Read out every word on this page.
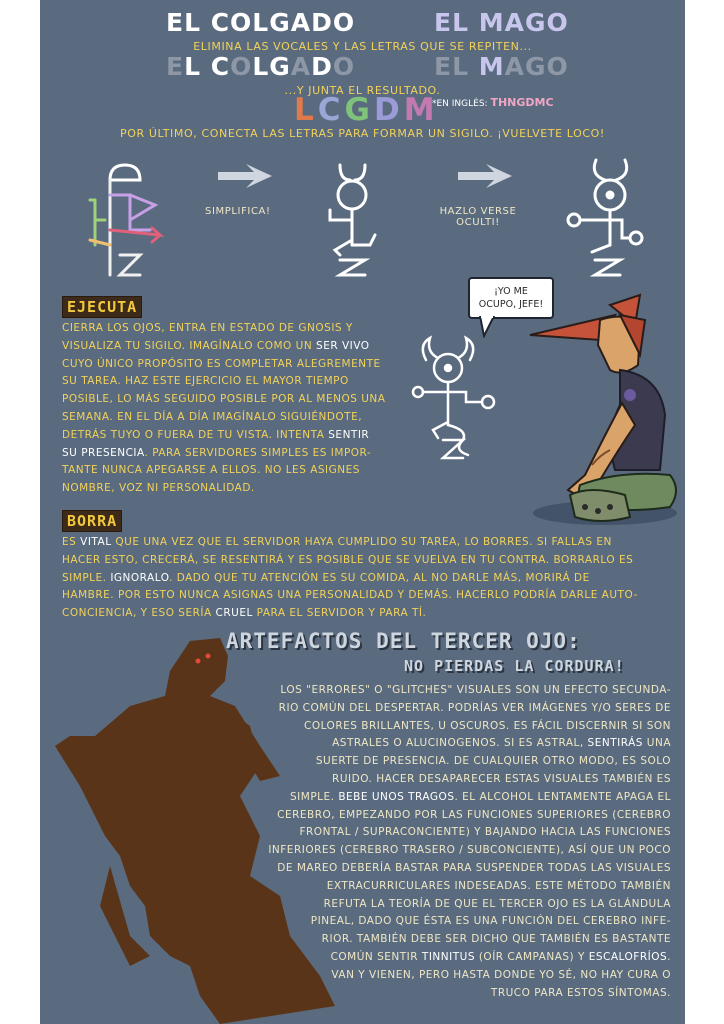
EL COLGADO	EL MAGO
ELIMINA LAS VOCALES Y LAS LETRAS QUE SE REPITEN...
EL COLGADO	EL MAGO
...Y JUNTA EL RESULTADO.
LCGDM
*EN INGLÉS: THNGDMC
POR ÚLTIMO, CONECTA LAS LETRAS PARA FORMAR UN SIGILO. ¡VUELVETE LOCO!
SIMPLIFICA!	HAZLO VERSE
OCULTI!
EJECUTA
CIERRA LOS OJOS, ENTRA EN ESTADO DE GNOSIS Y
VISUALIZA TU SIGILO. IMAGÍNALO COMO UN SER VIVO
CUYO ÚNICO PROPÓSITO ES COMPLETAR ALEGREMENTE
SU TAREA. HAZ ESTE EJERCICIO EL MAYOR TIEMPO
POSIBLE, LO MÁS SEGUIDO POSIBLE POR AL MENOS UNA
SEMANA. EN EL DÍA A DÍA IMAGÍNALO SIGUIÉNDOTE,
DETRÁS TUYO O FUERA DE TU VISTA. INTENTA SENTIR
SU PRESENCIA. PARA SERVIDORES SIMPLES ES IMPOR-
TANTE NUNCA APEGARSE A ELLOS. NO LES ASIGNES
NOMBRE, VOZ NI PERSONALIDAD.
¡YO ME
OCUPO, JEFE!
BORRA
ES VITAL QUE UNA VEZ QUE EL SERVIDOR HAYA CUMPLIDO SU TAREA, LO BORRES. SI FALLAS EN
HACER ESTO, CRECERÁ, SE RESENTIRÁ Y ES POSIBLE QUE SE VUELVA EN TU CONTRA. BORRARLO ES
SIMPLE. IGNORALO. DADO QUE TU ATENCIÓN ES SU COMIDA, AL NO DARLE MÁS, MORIRÁ DE
HAMBRE. POR ESTO NUNCA ASIGNAS UNA PERSONALIDAD Y DEMÁS. HACERLO PODRÍA DARLE AUTO-
CONCIENCIA, Y ESO SERÍA CRUEL PARA EL SERVIDOR Y PARA TÍ.
ARTEFACTOS DEL TERCER OJO:
NO PIERDAS LA CORDURA!
LOS "ERRORES" O "GLITCHES" VISUALES SON UN EFECTO SECUNDA-
RIO COMÚN DEL DESPERTAR. PODRÍAS VER IMÁGENES Y/O SERES DE
COLORES BRILLANTES, U OSCUROS. ES FÁCIL DISCERNIR SI SON
ASTRALES O ALUCINOGENOS. SI ES ASTRAL, SENTIRÁS UNA
SUERTE DE PRESENCIA. DE CUALQUIER OTRO MODO, ES SOLO
RUIDO. HACER DESAPARECER ESTAS VISUALES TAMBIÉN ES
SIMPLE. BEBE UNOS TRAGOS. EL ALCOHOL LENTAMENTE APAGA EL
CEREBRO, EMPEZANDO POR LAS FUNCIONES SUPERIORES (CEREBRO
FRONTAL / SUPRACONCIENTE) Y BAJANDO HACIA LAS FUNCIONES
INFERIORES (CEREBRO TRASERO / SUBCONCIENTE), ASÍ QUE UN POCO
DE MAREO DEBERÍA BASTAR PARA SUSPENDER TODAS LAS VISUALES
EXTRACURRICULARES INDESEADAS. ESTE MÉTODO TAMBIÉN
REFUTA LA TEORÍA DE QUE EL TERCER OJO ES LA GLÁNDULA
PINEAL, DADO QUE ÉSTA ES UNA FUNCIÓN DEL CEREBRO INFE-
RIOR. TAMBIÉN DEBE SER DICHO QUE TAMBIÉN ES BASTANTE
COMÚN SENTIR TINNITUS (OÍR CAMPANAS) Y ESCALOFRÍOS.
VAN Y VIENEN, PERO HASTA DONDE YO SÉ, NO HAY CURA O
TRUCO PARA ESTOS SÍNTOMAS.
